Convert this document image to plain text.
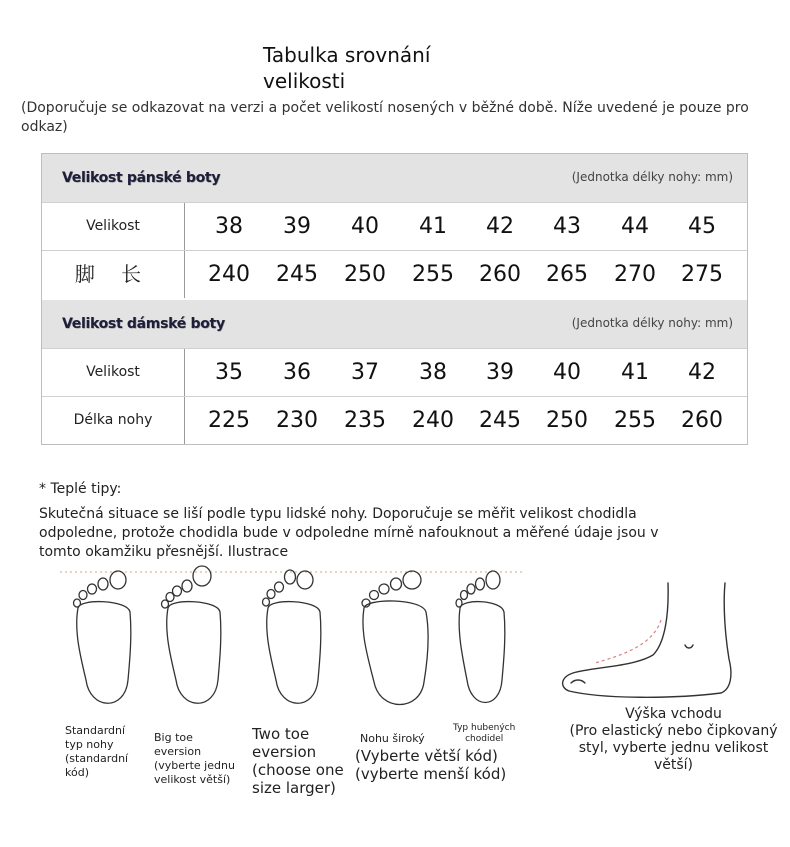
Tabulka srovnání
velikosti
(Doporučuje se odkazovat na verzi a počet velikostí nosených v běžné době. Níže uvedené je pouze pro odkaz)
Velikost pánské boty	(Jednotka délky nohy: mm)
Velikost	38	39	40	41	42	43	44	45
脚 长	240	245	250	255	260	265	270	275
Velikost dámské boty	(Jednotka délky nohy: mm)
Velikost	35	36	37	38	39	40	41	42
Délka nohy	225	230	235	240	245	250	255	260
* Teplé tipy:
Skutečná situace se liší podle typu lidské nohy. Doporučuje se měřit velikost chodidla odpoledne, protože chodidla bude v odpoledne mírně nafouknout a měřené údaje jsou v tomto okamžiku přesnější. Ilustrace
Standardní
typ nohy
(standardní
kód)
Big toe
eversion
(vyberte jednu
velikost větší)
Two toe
eversion
(choose one
size larger)
Nohu široký
(Vyberte větší kód)
(vyberte menší kód)
Typ hubených
chodidel
Výška vchodu
(Pro elastický nebo čipkovaný
styl, vyberte jednu velikost
větší)
